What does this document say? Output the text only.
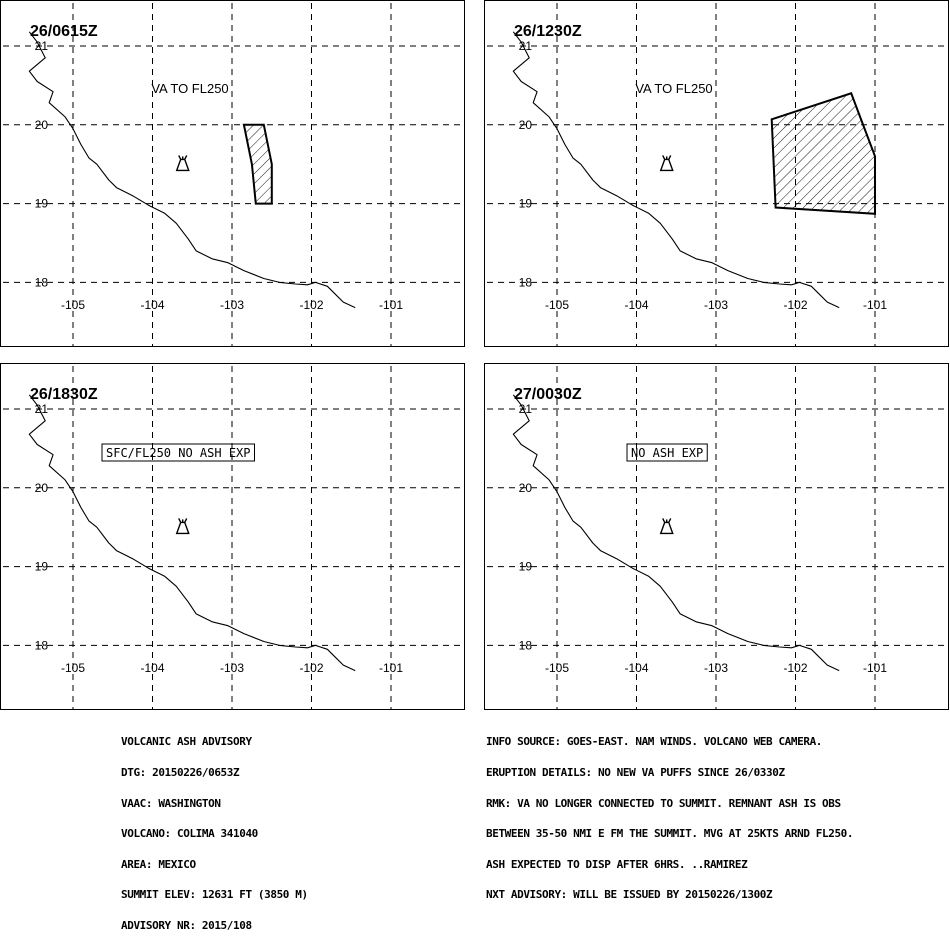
21
20
19
18
-105	-104	-103	-102	-101
26/0615Z
VA TO FL250
21
20
19
18
-105	-104	-103	-102	-101
26/1230Z
VA TO FL250
21
20
19
18
-105	-104	-103	-102	-101
26/1830Z
SFC/FL250 NO ASH EXP
21
20
19
18
-105	-104	-103	-102	-101
27/0030Z
NO ASH EXP

VOLCANIC ASH ADVISORY

DTG: 20150226/0653Z

VAAC: WASHINGTON

VOLCANO: COLIMA 341040

AREA: MEXICO

SUMMIT ELEV: 12631 FT (3850 M)

ADVISORY NR: 2015/108

INFO SOURCE: GOES-EAST. NAM WINDS. VOLCANO WEB CAMERA.

ERUPTION DETAILS: NO NEW VA PUFFS SINCE 26/0330Z

RMK: VA NO LONGER CONNECTED TO SUMMIT. REMNANT ASH IS OBS

BETWEEN 35-50 NMI E FM THE SUMMIT. MVG AT 25KTS ARND FL250.

ASH EXPECTED TO DISP AFTER 6HRS. ..RAMIREZ

NXT ADVISORY: WILL BE ISSUED BY 20150226/1300Z
